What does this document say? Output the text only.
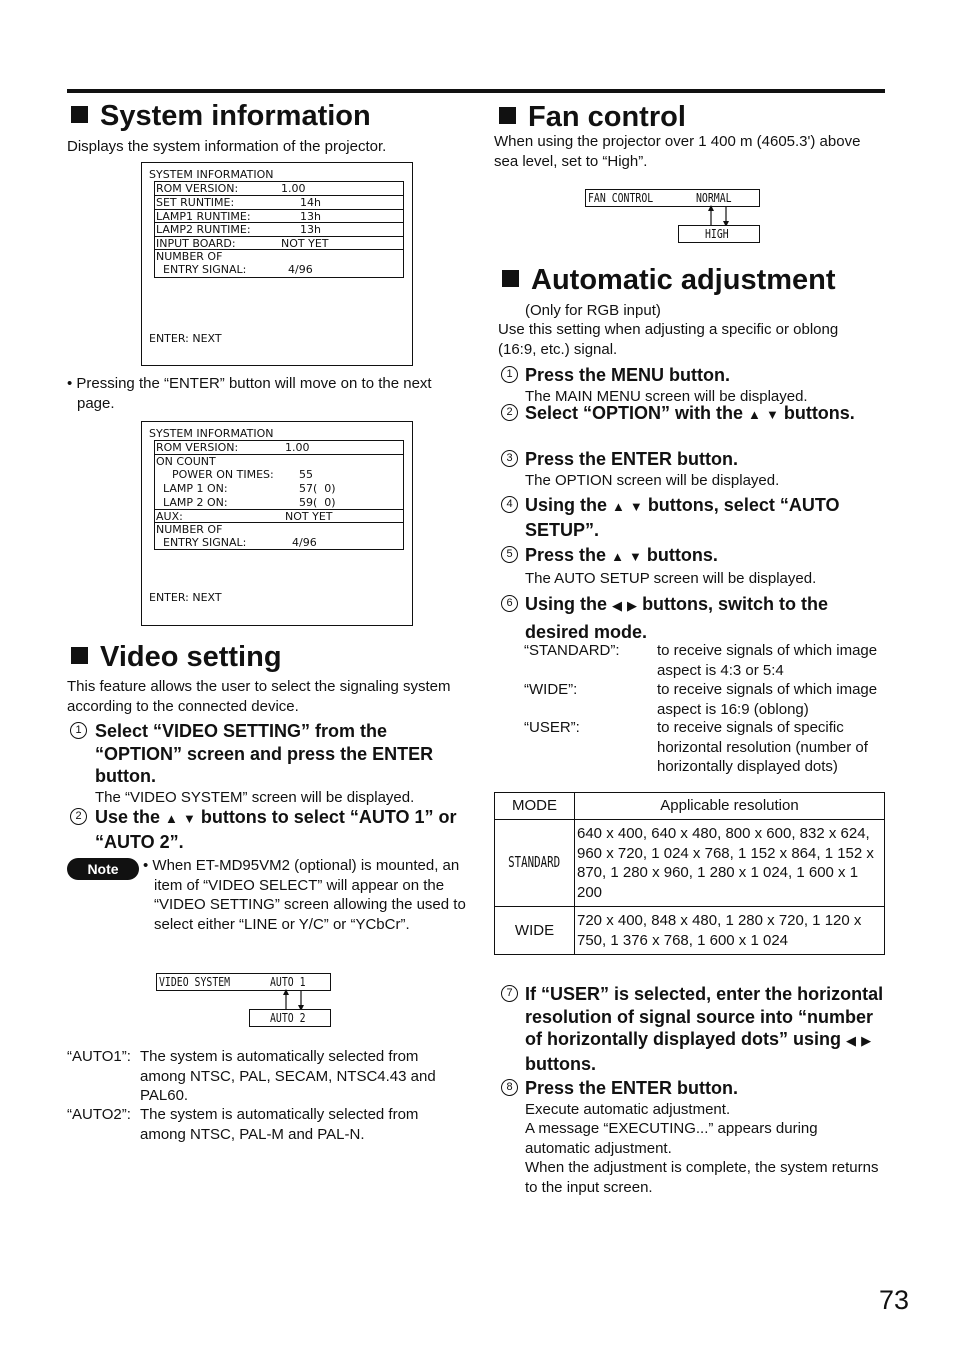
System information
Displays the system information of the projector.
SYSTEM INFORMATION
ROM VERSION:	1.00
SET RUNTIME:	14h
LAMP1 RUNTIME:	13h
LAMP2 RUNTIME:	13h
INPUT BOARD:	NOT YET
NUMBER OF
ENTRY SIGNAL:	4/96
ENTER: NEXT
• Pressing the “ENTER” button will move on to the next page.
SYSTEM INFORMATION
ROM VERSION:	1.00
ON COUNT
POWER ON TIMES: 55
LAMP 1 ON:	57(  0)
LAMP 2 ON:	59(  0)
AUX:	NOT YET
NUMBER OF
ENTRY SIGNAL:	4/96
ENTER: NEXT
Video setting
This feature allows the user to select the signaling system according to the connected device.
1 Select “VIDEO SETTING” from the “OPTION” screen and press the ENTER button.
The “VIDEO SYSTEM” screen will be displayed.
2 Use the ▲ ▼ buttons to select “AUTO 1” or “AUTO 2”.
Note	• When ET-MD95VM2 (optional) is mounted, an item of “VIDEO SELECT” will appear on the “VIDEO SETTING” screen allowing the used to select either “LINE or Y/C” or “YCbCr”.
VIDEO SYSTEM	AUTO 1
AUTO 2
“AUTO1”: The system is automatically selected from among NTSC, PAL, SECAM, NTSC4.43 and PAL60.
“AUTO2”: The system is automatically selected from among NTSC, PAL-M and PAL-N.
Fan control
When using the projector over 1 400 m (4605.3') above sea level, set to “High”.
FAN CONTROL	NORMAL
HIGH
Automatic adjustment
(Only for RGB input)
Use this setting when adjusting a specific or oblong (16:9, etc.) signal.
1 Press the MENU button.
The MAIN MENU screen will be displayed.
2 Select “OPTION” with the ▲ ▼ buttons.
3 Press the ENTER button.
The OPTION screen will be displayed.
4 Using the ▲ ▼ buttons, select “AUTO SETUP”.
5 Press the ▲ ▼ buttons.
The AUTO SETUP screen will be displayed.
6 Using the ◀ ▶ buttons, switch to the desired mode.
“STANDARD”: to receive signals of which image aspect is 4:3 or 5:4
“WIDE”:	to receive signals of which image aspect is 16:9 (oblong)
“USER”:	to receive signals of specific horizontal resolution (number of horizontally displayed dots)
MODE	Applicable resolution
STANDARD	640 x 400, 640 x 480, 800 x 600, 832 x 624, 960 x 720, 1 024 x 768, 1 152 x 864, 1 152 x 870, 1 280 x 960, 1 280 x 1 024, 1 600 x 1 200
WIDE	720 x 400, 848 x 480, 1 280 x 720, 1 120 x 750, 1 376 x 768, 1 600 x 1 024
7 If “USER” is selected, enter the horizontal resolution of signal source into “number of horizontally displayed dots” using ◀ ▶ buttons.
8 Press the ENTER button.
Execute automatic adjustment.
A message “EXECUTING...” appears during automatic adjustment.
When the adjustment is complete, the system returns to the input screen.
73
